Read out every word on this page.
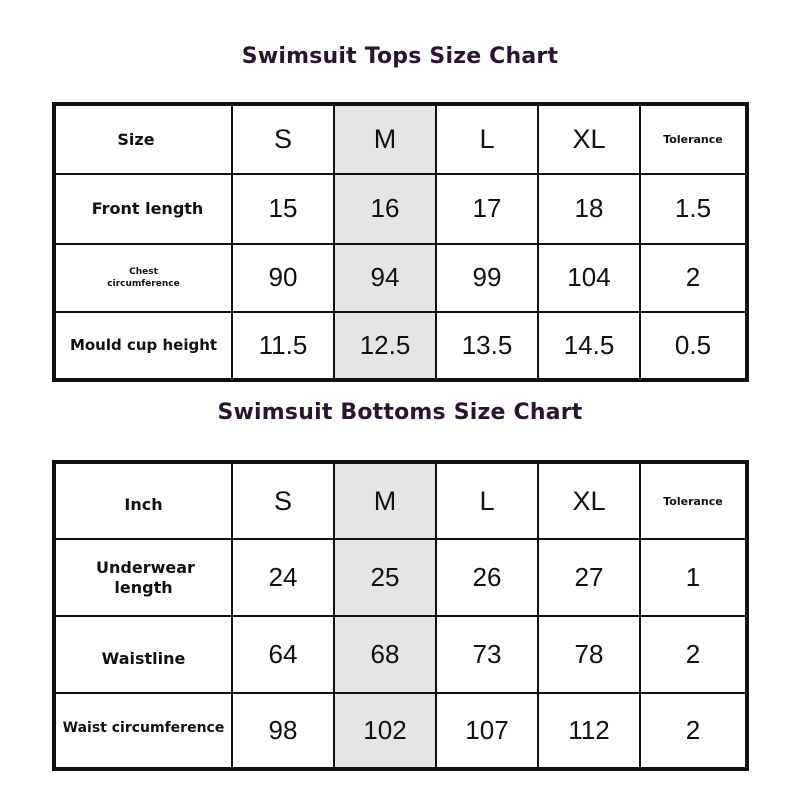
Swimsuit Tops Size Chart
Size	S	M	L	XL	Tolerance
Front length	15	16	17	18	1.5
Chest circumference	90	94	99	104	2
Mould cup height	11.5	12.5	13.5	14.5	0.5
Swimsuit Bottoms Size Chart
Inch	S	M	L	XL	Tolerance
Underwear length	24	25	26	27	1
Waistline	64	68	73	78	2
Waist circumference	98	102	107	112	2
